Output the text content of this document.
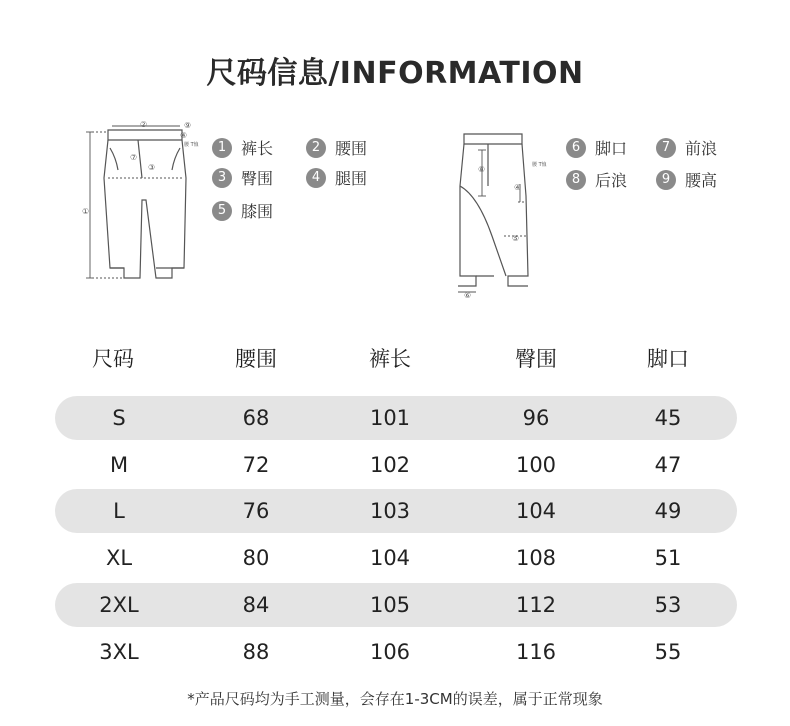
尺码信息/INFORMATION
①
②
③
④
⑦
⑨
腰 T恤	1 裤长	2 腰围
3 臀围	4 腿围
5 膝围
⑧
④
⑤
⑥
腰 T恤
6 脚口	7 前浪
8 后浪	9 腰高
尺码	腰围	裤长	臀围	脚口
S	68	101	96	45
M	72	102	100	47
L	76	103	104	49
XL	80	104	108	51
2XL	84	105	112	53
3XL	88	106	116	55
*产品尺码均为手工测量，会存在1-3CM的误差，属于正常现象
